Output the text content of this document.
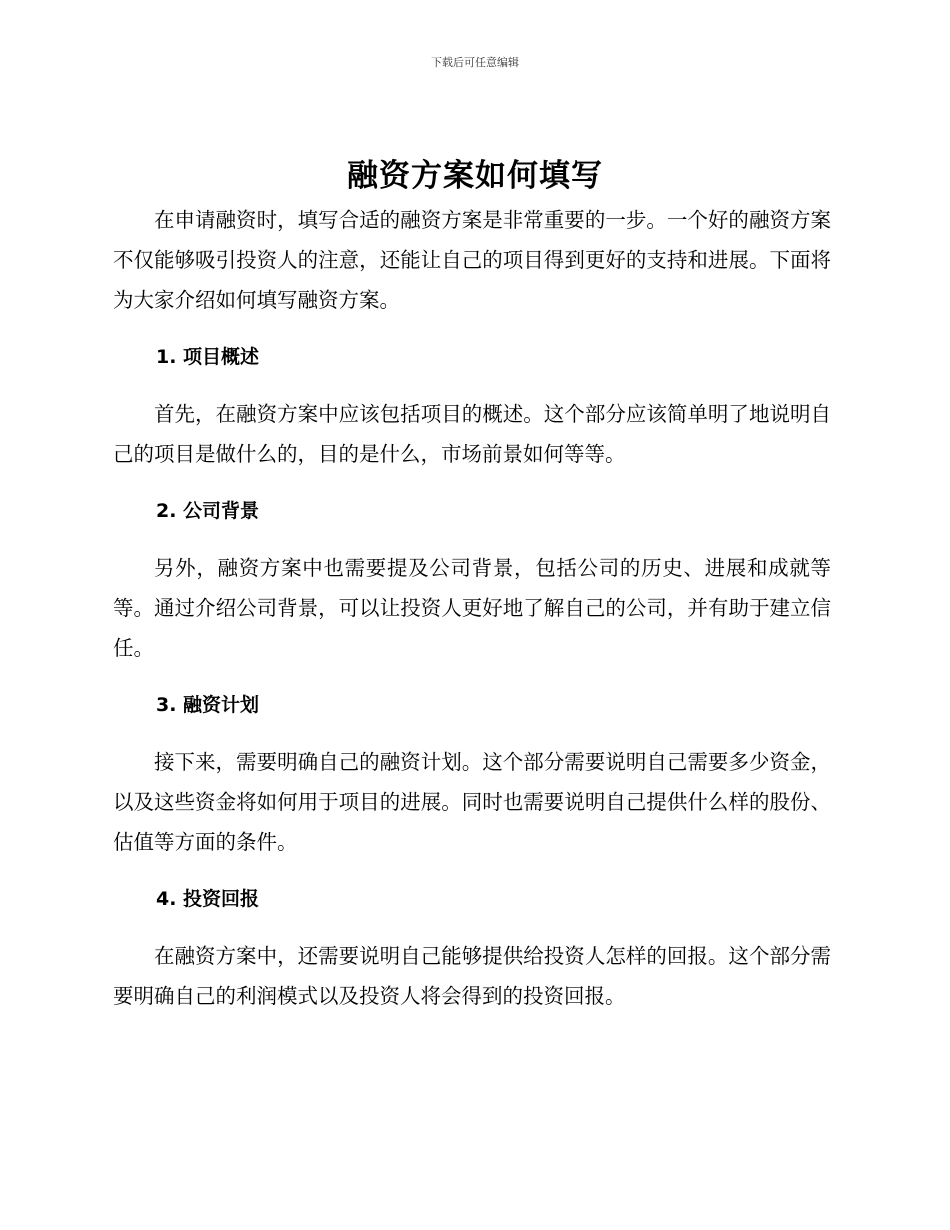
下载后可任意编辑
融资方案如何填写

在申请融资时，填写合适的融资方案是非常重要的一步。一个好的融资方案不仅能够吸引投资人的注意，还能让自己的项目得到更好的支持和进展。下面将为大家介绍如何填写融资方案。

1. 项目概述

首先，在融资方案中应该包括项目的概述。这个部分应该简单明了地说明自己的项目是做什么的，目的是什么，市场前景如何等等。

2. 公司背景

另外，融资方案中也需要提及公司背景，包括公司的历史、进展和成就等等。通过介绍公司背景，可以让投资人更好地了解自己的公司，并有助于建立信任。

3. 融资计划

接下来，需要明确自己的融资计划。这个部分需要说明自己需要多少资金，以及这些资金将如何用于项目的进展。同时也需要说明自己提供什么样的股份、估值等方面的条件。

4. 投资回报

在融资方案中，还需要说明自己能够提供给投资人怎样的回报。这个部分需要明确自己的利润模式以及投资人将会得到的投资回报。
